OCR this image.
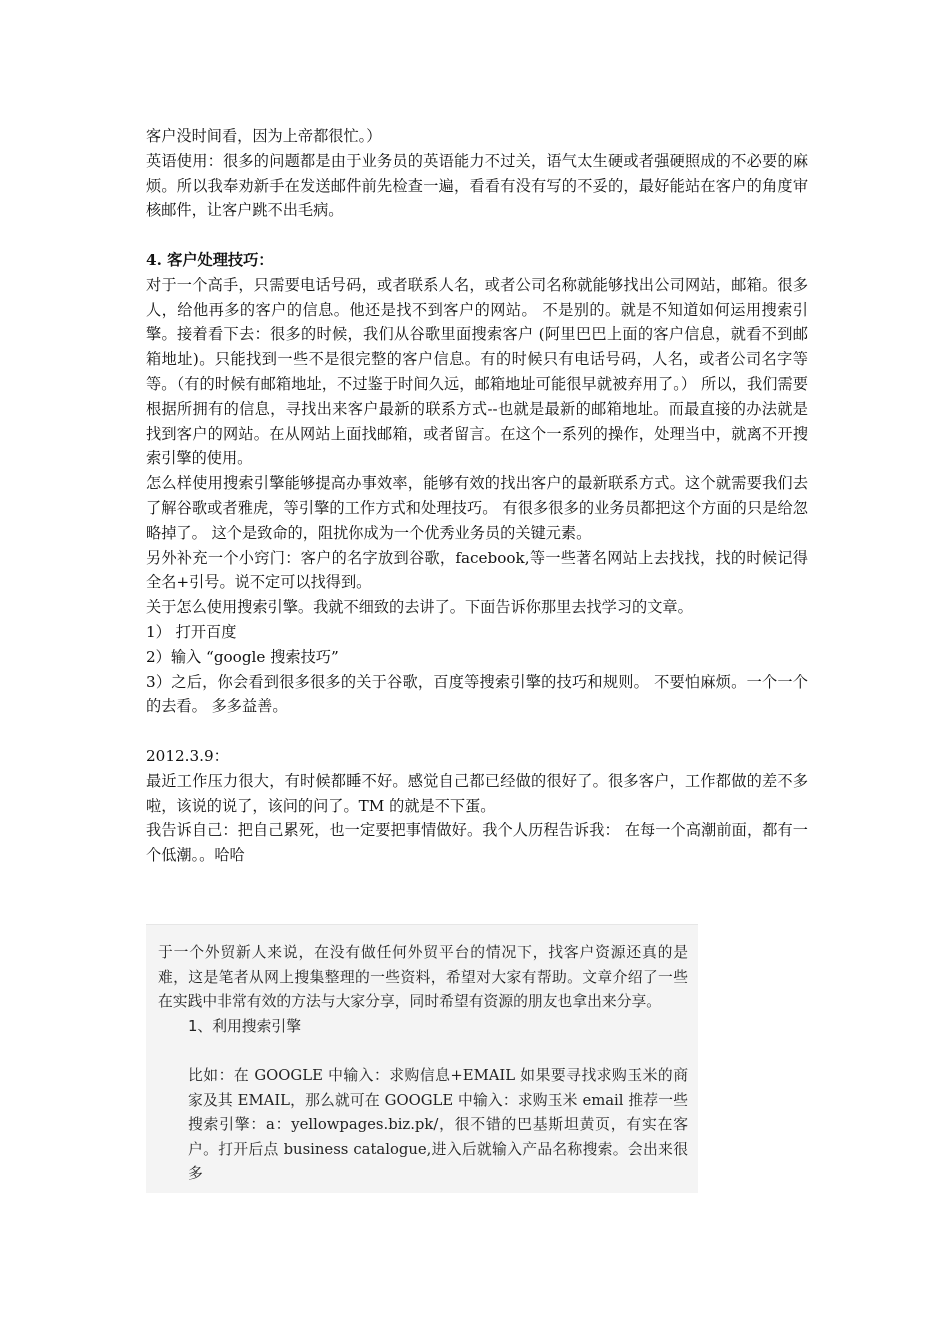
客户没时间看，因为上帝都很忙。）

英语使用：很多的问题都是由于业务员的英语能力不过关，语气太生硬或者强硬照成的不必要的麻烦。所以我奉劝新手在发送邮件前先检查一遍，看看有没有写的不妥的，最好能站在客户的角度审核邮件，让客户跳不出毛病。

4. 客户处理技巧：

对于一个高手，只需要电话号码，或者联系人名，或者公司名称就能够找出公司网站，邮箱。很多人，给他再多的客户的信息。他还是找不到客户的网站。 不是别的。就是不知道如何运用搜索引擎。接着看下去：很多的时候，我们从谷歌里面搜索客户 (阿里巴巴上面的客户信息，就看不到邮箱地址)。只能找到一些不是很完整的客户信息。有的时候只有电话号码，人名，或者公司名字等等。（有的时候有邮箱地址，不过鉴于时间久远，邮箱地址可能很早就被弃用了。） 所以，我们需要根据所拥有的信息，寻找出来客户最新的联系方式--也就是最新的邮箱地址。而最直接的办法就是找到客户的网站。在从网站上面找邮箱，或者留言。在这个一系列的操作，处理当中，就离不开搜索引擎的使用。

怎么样使用搜索引擎能够提高办事效率，能够有效的找出客户的最新联系方式。这个就需要我们去了解谷歌或者雅虎，等引擎的工作方式和处理技巧。 有很多很多的业务员都把这个方面的只是给忽略掉了。 这个是致命的，阻扰你成为一个优秀业务员的关键元素。

另外补充一个小窍门：客户的名字放到谷歌，facebook,等一些著名网站上去找找，找的时候记得全名+引号。说不定可以找得到。

关于怎么使用搜索引擎。我就不细致的去讲了。下面告诉你那里去找学习的文章。

1） 打开百度

2）输入 “google 搜索技巧”

3）之后，你会看到很多很多的关于谷歌，百度等搜索引擎的技巧和规则。 不要怕麻烦。一个一个的去看。 多多益善。

2012.3.9：

最近工作压力很大，有时候都睡不好。感觉自己都已经做的很好了。很多客户，工作都做的差不多啦，该说的说了，该问的问了。TM 的就是不下蛋。

我告诉自己：把自己累死，也一定要把事情做好。我个人历程告诉我： 在每一个高潮前面，都有一个低潮。。哈哈

于一个外贸新人来说，在没有做任何外贸平台的情况下，找客户资源还真的是难，这是笔者从网上搜集整理的一些资料，希望对大家有帮助。文章介绍了一些在实践中非常有效的方法与大家分享，同时希望有资源的朋友也拿出来分享。

1、利用搜索引擎

比如：在 GOOGLE 中输入：求购信息+EMAIL 如果要寻找求购玉米的商家及其 EMAIL，那么就可在 GOOGLE 中输入：求购玉米 email 推荐一些搜索引擎：a：yellowpages.biz.pk/，很不错的巴基斯坦黄页，有实在客户。打开后点 business catalogue,进入后就输入产品名称搜索。会出来很多
